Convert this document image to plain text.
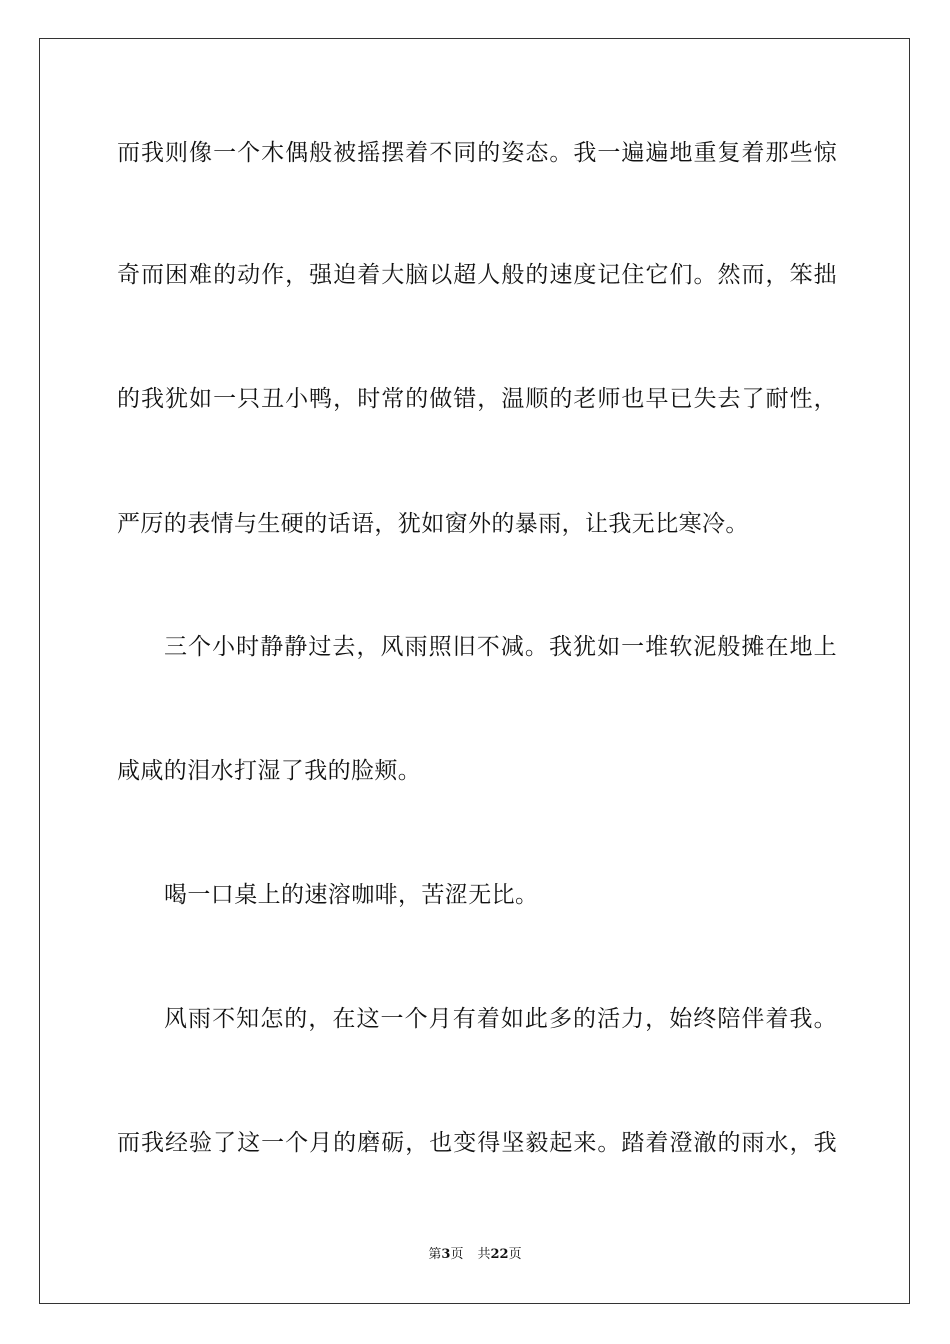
而我则像一个木偶般被摇摆着不同的姿态。我一遍遍地重复着那些惊
奇而困难的动作，强迫着大脑以超人般的速度记住它们。然而，笨拙
的我犹如一只丑小鸭，时常的做错，温顺的老师也早已失去了耐性，
严厉的表情与生硬的话语，犹如窗外的暴雨，让我无比寒冷。
三个小时静静过去，风雨照旧不减。我犹如一堆软泥般摊在地上
咸咸的泪水打湿了我的脸颊。
喝一口桌上的速溶咖啡，苦涩无比。
风雨不知怎的，在这一个月有着如此多的活力，始终陪伴着我。
而我经验了这一个月的磨砺，也变得坚毅起来。踏着澄澈的雨水，我
第3页 共22页
